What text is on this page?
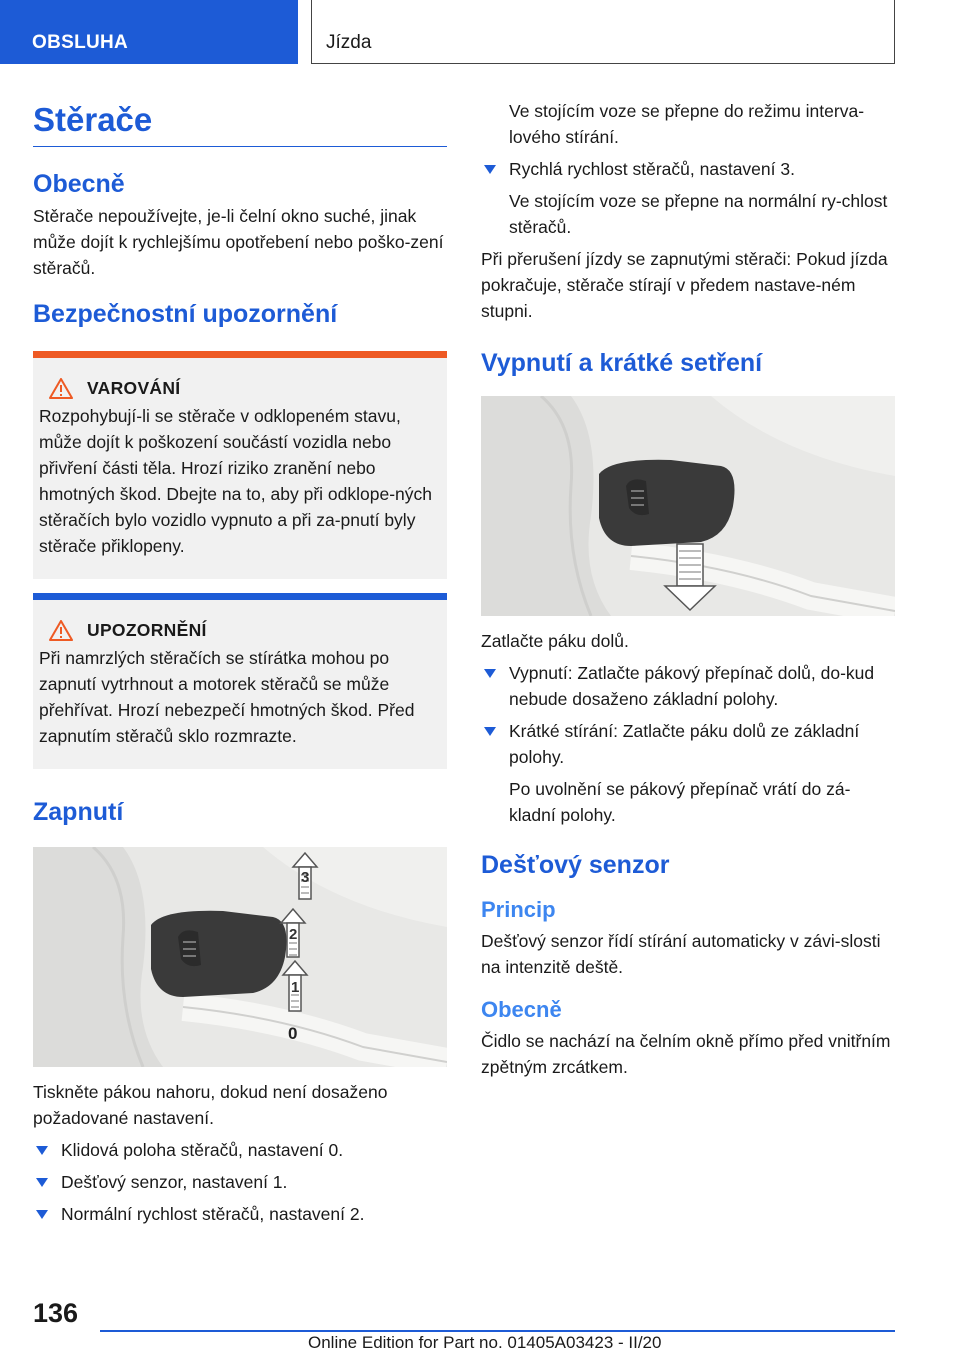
OBSLUHA	Jízda
Stěrače
Obecně

Stěrače nepoužívejte, je-li čelní okno suché, jinak může dojít k rychlejšímu opotřebení nebo poško-zení stěračů.

Bezpečnostní upozornění
VAROVÁNÍ

Rozpohybují-li se stěrače v odklopeném stavu, může dojít k poškození součástí vozidla nebo přivření části těla. Hrozí riziko zranění nebo hmotných škod. Dbejte na to, aby při odklope-ných stěračích bylo vozidlo vypnuto a při za-pnutí byly stěrače přiklopeny.

UPOZORNĚNÍ

Při namrzlých stěračích se stírátka mohou po zapnutí vytrhnout a motorek stěračů se může přehřívat. Hrozí nebezpečí hmotných škod. Před zapnutím stěračů sklo rozmrazte.

Zapnutí
3
2
1
0

Tiskněte pákou nahoru, dokud není dosaženo požadované nastavení.

Klidová poloha stěračů, nastavení 0.
Dešťový senzor, nastavení 1.
Normální rychlost stěračů, nastavení 2.

Ve stojícím voze se přepne do režimu interva-lového stírání.

Rychlá rychlost stěračů, nastavení 3.

Ve stojícím voze se přepne na normální ry-chlost stěračů.

Při přerušení jízdy se zapnutými stěrači: Pokud jízda pokračuje, stěrače stírají v předem nastave-ném stupni.

Vypnutí a krátké setření

Zatlačte páku dolů.

Vypnutí: Zatlačte pákový přepínač dolů, do-kud nebude dosaženo základní polohy.
Krátké stírání: Zatlačte páku dolů ze základní polohy.

Po uvolnění se pákový přepínač vrátí do zá-kladní polohy.

Dešťový senzor
Princip

Dešťový senzor řídí stírání automaticky v závi-slosti na intenzitě deště.

Obecně

Čidlo se nachází na čelním okně přímo před vnitřním zpětným zrcátkem.

136
Online Edition for Part no. 01405A03423 - II/20
